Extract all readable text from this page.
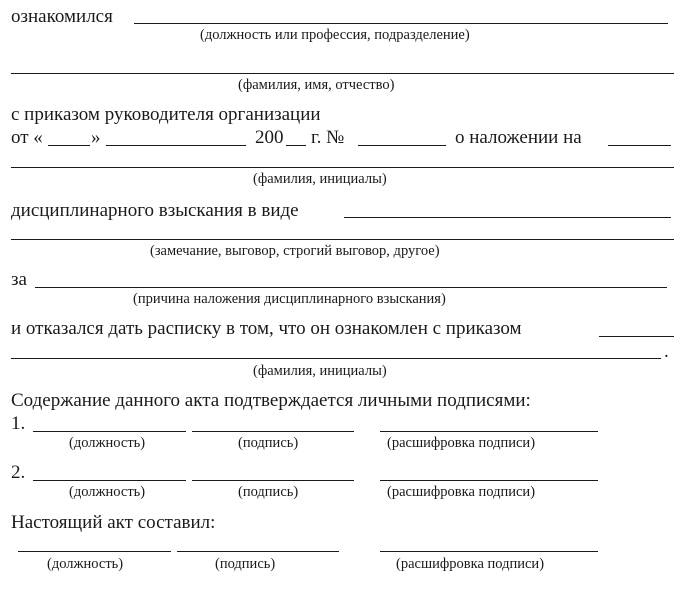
ознакомился
(должность или профессия, подразделение)
(фамилия, имя, отчество)
с приказом руководителя организации
от «	»	200 г. №	о наложении на
(фамилия, инициалы)
дисциплинарного взыскания в виде
(замечание, выговор, строгий выговор, другое)
за
(причина наложения дисциплинарного взыскания)
и отказался дать расписку в том, что он ознакомлен с приказом
.
(фамилия, инициалы)
Содержание данного акта подтверждается личными подписями:
1.
(должность)	(подпись)	(расшифровка подписи)
2.
(должность)	(подпись)	(расшифровка подписи)
Настоящий акт составил:
(должность)	(подпись)	(расшифровка подписи)
